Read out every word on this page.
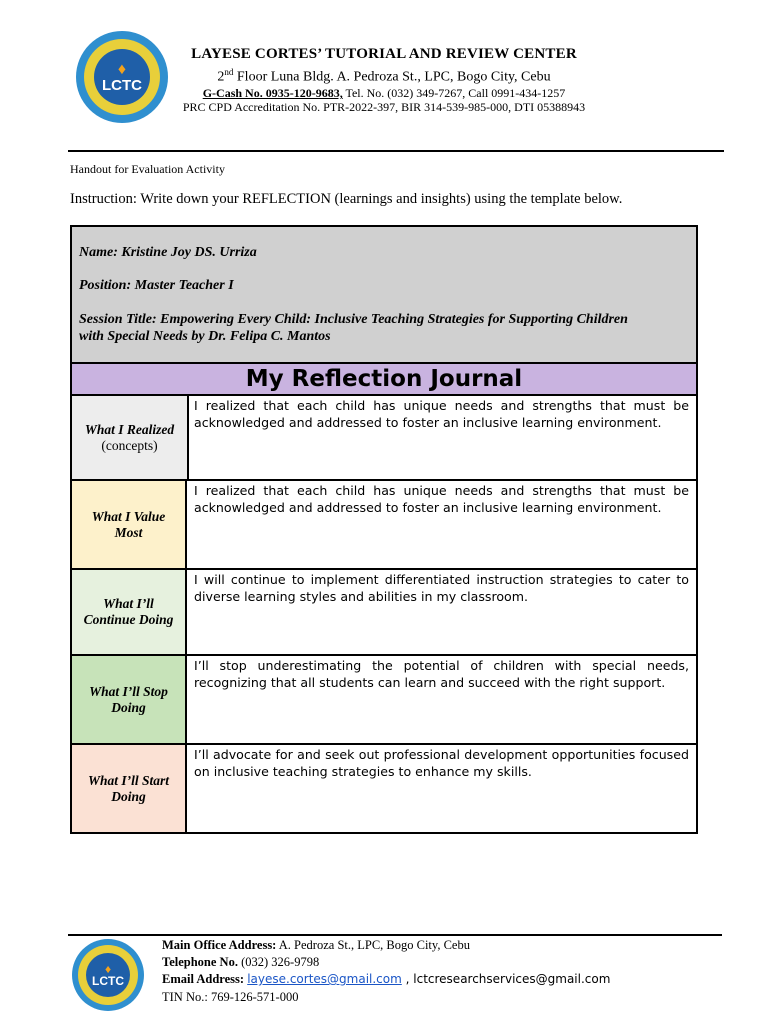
♦
LCTC
LAYESE CORTES’ TUTORIAL AND REVIEW CENTER
2nd Floor Luna Bldg. A. Pedroza St., LPC, Bogo City, Cebu
G-Cash No. 0935-120-9683, Tel. No. (032) 349-7267, Call 0991-434-1257
PRC CPD Accreditation No. PTR-2022-397, BIR 314-539-985-000, DTI 05388943
Handout for Evaluation Activity
Instruction: Write down your REFLECTION (learnings and insights) using the template below.
Name: Kristine Joy DS. Urriza
Position: Master Teacher I
Session Title: Empowering Every Child: Inclusive Teaching Strategies for Supporting Children
with Special Needs by Dr. Felipa C. Mantos
My Reflection Journal
What I Realized
(concepts)
I realized that each child has unique needs and strengths that must be acknowledged and addressed to foster an inclusive learning environment.
What I Value Most
I realized that each child has unique needs and strengths that must be acknowledged and addressed to foster an inclusive learning environment.
What I’ll Continue Doing
I will continue to implement differentiated instruction strategies to cater to diverse learning styles and abilities in my classroom.
What I’ll Stop Doing
I’ll stop underestimating the potential of children with special needs, recognizing that all students can learn and succeed with the right support.
What I’ll Start Doing
I’ll advocate for and seek out professional development opportunities focused on inclusive teaching strategies to enhance my skills.
♦
LCTC
Main Office Address: A. Pedroza St., LPC, Bogo City, Cebu
Telephone No. (032) 326-9798
Email Address: layese.cortes@gmail.com , lctcresearchservices@gmail.com
TIN No.: 769-126-571-000
